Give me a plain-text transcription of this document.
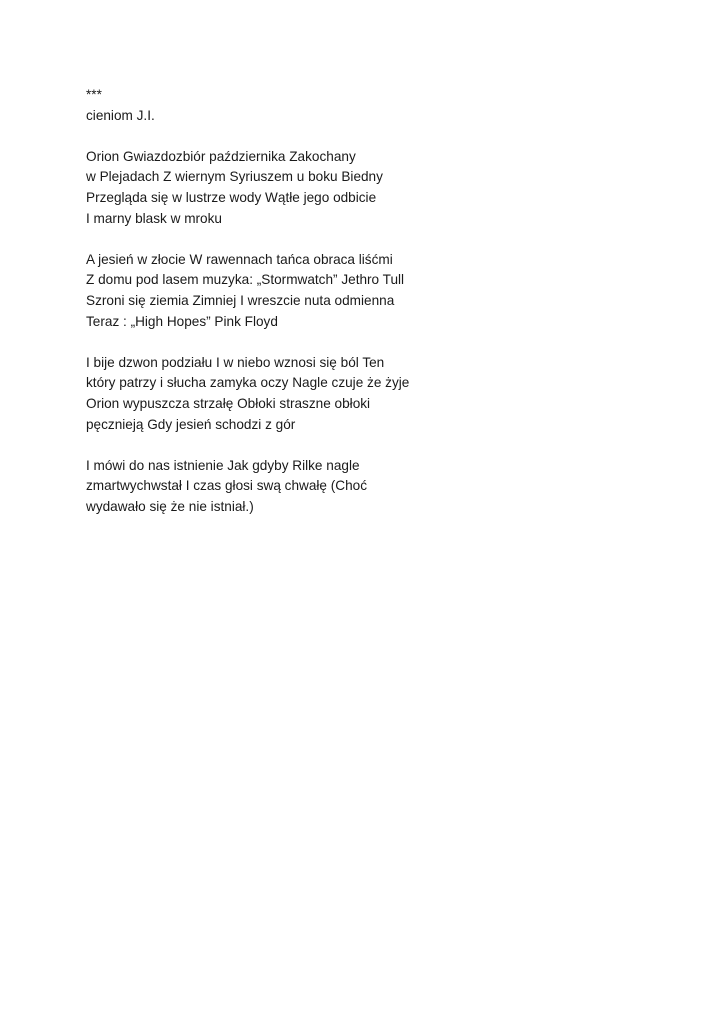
***
cieniom J.I.
Orion Gwiazdozbiór października Zakochany
w Plejadach Z wiernym Syriuszem u boku Biedny
Przegląda się w lustrze wody Wątłe jego odbicie
I marny blask w mroku
A jesień w złocie W rawennach tańca obraca liśćmi
Z domu pod lasem muzyka: „Stormwatch” Jethro Tull
Szroni się ziemia Zimniej I wreszcie nuta odmienna
Teraz : „High Hopes” Pink Floyd
I bije dzwon podziału I w niebo wznosi się ból Ten
który patrzy i słucha zamyka oczy Nagle czuje że żyje
Orion wypuszcza strzałę Obłoki straszne obłoki
pęcznieją Gdy jesień schodzi z gór
I mówi do nas istnienie Jak gdyby Rilke nagle
zmartwychwstał I czas głosi swą chwałę (Choć
wydawało się że nie istniał.)
